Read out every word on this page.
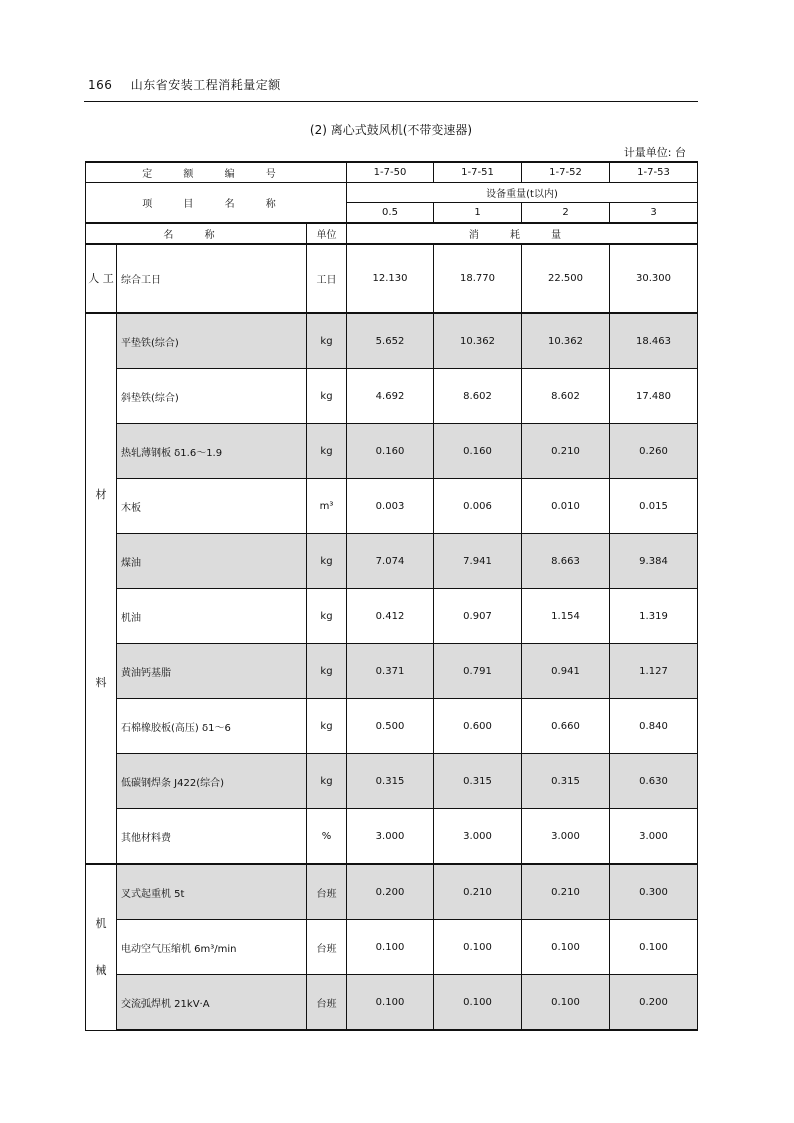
166 山东省安装工程消耗量定额
(2) 离心式鼓风机(不带变速器)
计量单位: 台
定 额 编 号			1-7-50	1-7-51	1-7-52	1-7-53
项 目 名 称			设备重量(t以内)			
			0.5	1	2	3
名 称		单位	消 耗 量			
人 工	综合工日	工日	12.130	18.770	22.500	30.300

材
料	平垫铁(综合)	kg	5.652	10.362	10.362	18.463
	斜垫铁(综合)	kg	4.692	8.602	8.602	17.480
	热轧薄钢板 δ1.6～1.9	kg	0.160	0.160	0.210	0.260
	木板	m³	0.003	0.006	0.010	0.015
	煤油	kg	7.074	7.941	8.663	9.384
	机油	kg	0.412	0.907	1.154	1.319
	黄油钙基脂	kg	0.371	0.791	0.941	1.127
	石棉橡胶板(高压) δ1～6	kg	0.500	0.600	0.660	0.840
	低碳钢焊条 J422(综合)	kg	0.315	0.315	0.315	0.630
	其他材料费	%	3.000	3.000	3.000	3.000

机
械	叉式起重机 5t	台班	0.200	0.210	0.210	0.300
	电动空气压缩机 6m³/min	台班	0.100	0.100	0.100	0.100
	交流弧焊机 21kV·A	台班	0.100	0.100	0.100	0.200
